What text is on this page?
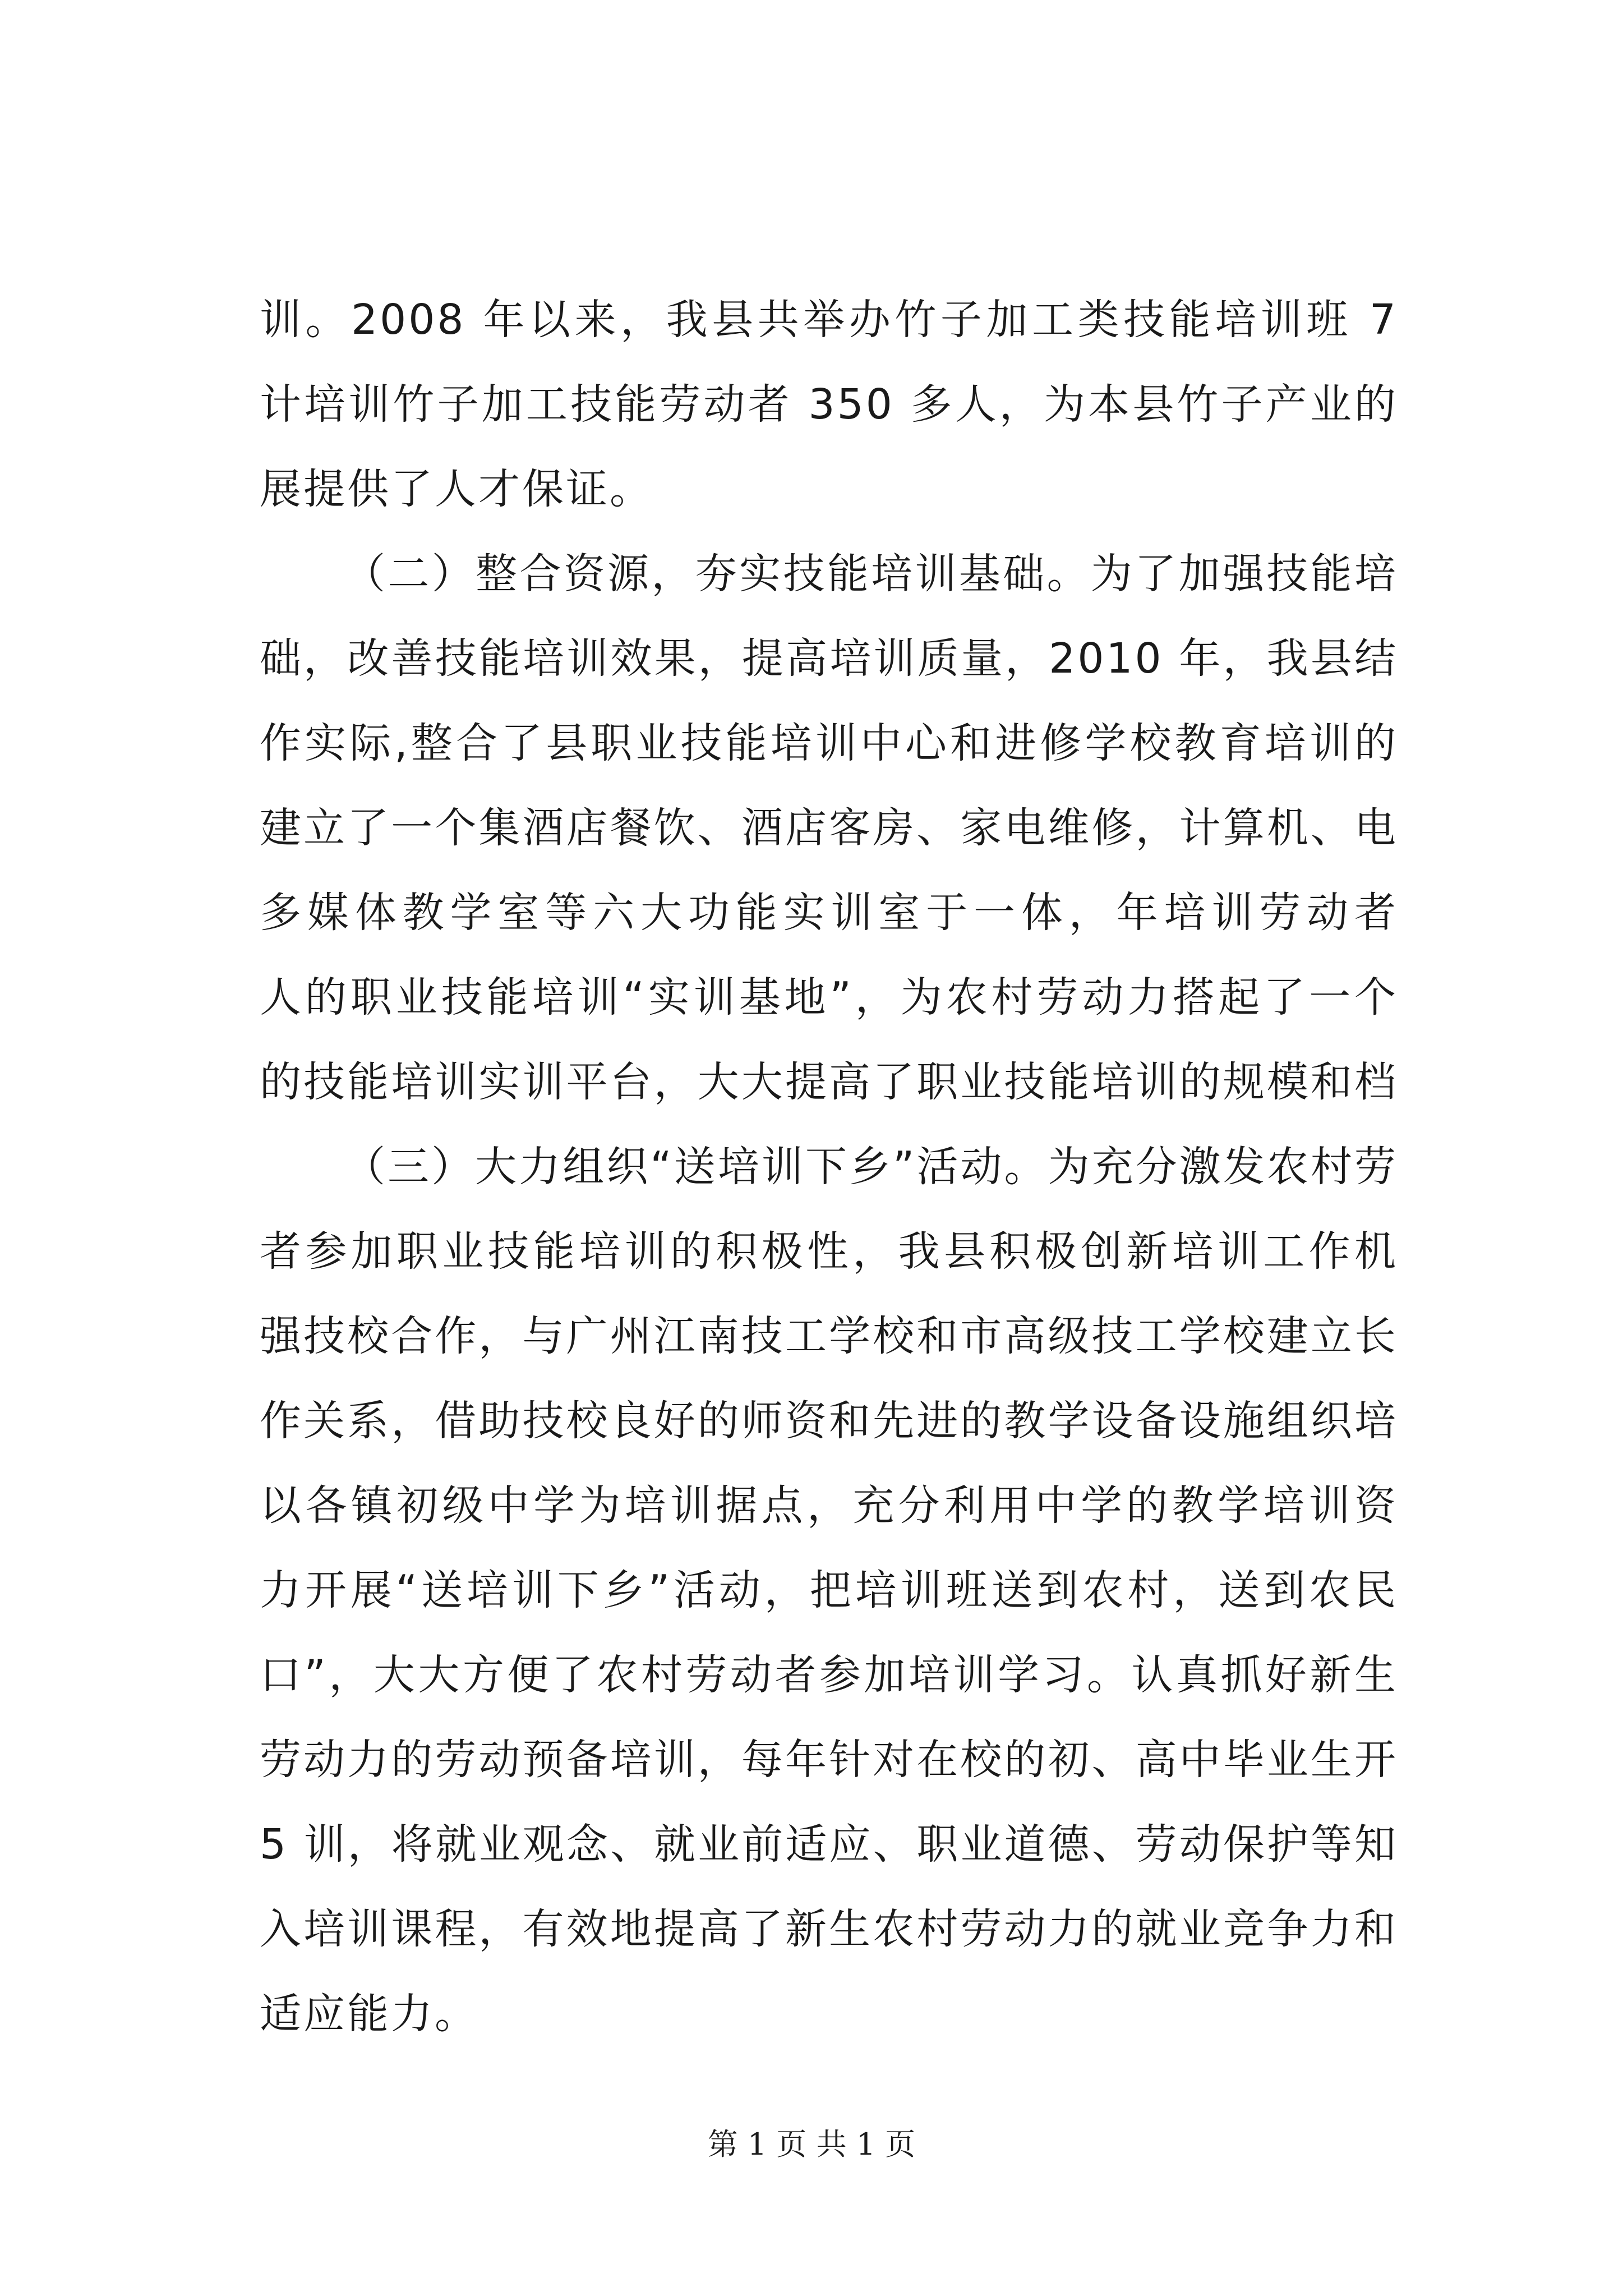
训。2008 年以来，我县共举办竹子加工类技能培训班 7
计培训竹子加工技能劳动者 350 多人，为本县竹子产业的
展提供了人才保证。
（二）整合资源，夯实技能培训基础。为了加强技能培
础，改善技能培训效果，提高培训质量，2010 年，我县结
作实际,整合了县职业技能培训中心和进修学校教育培训的
建立了一个集酒店餐饮、酒店客房、家电维修，计算机、电
多媒体教学室等六大功能实训室于一体，年培训劳动者
人的职业技能培训“实训基地”，为农村劳动力搭起了一个
的技能培训实训平台，大大提高了职业技能培训的规模和档
（三）大力组织“送培训下乡”活动。为充分激发农村劳
者参加职业技能培训的积极性，我县积极创新培训工作机
强技校合作，与广州江南技工学校和市高级技工学校建立长
作关系，借助技校良好的师资和先进的教学设备设施组织培
以各镇初级中学为培训据点，充分利用中学的教学培训资
力开展“送培训下乡”活动，把培训班送到农村，送到农民
口”，大大方便了农村劳动者参加培训学习。认真抓好新生
劳动力的劳动预备培训，每年针对在校的初、高中毕业生开
5 训，将就业观念、就业前适应、职业道德、劳动保护等知
入培训课程，有效地提高了新生农村劳动力的就业竞争力和
适应能力。
第 1 页 共 1 页
